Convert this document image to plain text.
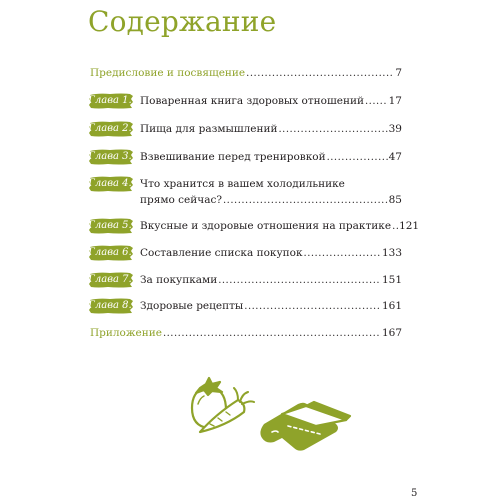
Содержание
Предисловие и посвящение .....	7
Глава 1. Поваренная книга здоровых отношений ..... 17
Глава 2. Пища для размышлений .....	39
Глава 3. Взвешивание перед тренировкой .....	47
Глава 4. Что хранится в вашем холодильнике
прямо сейчас? .....	85
Глава 5. Вкусные и здоровые отношения на практике ..... 121
Глава 6. Составление списка покупок .....	133
Глава 7. За покупками .....	151
Глава 8. Здоровые рецепты .....	161
Приложение .....	167
5
